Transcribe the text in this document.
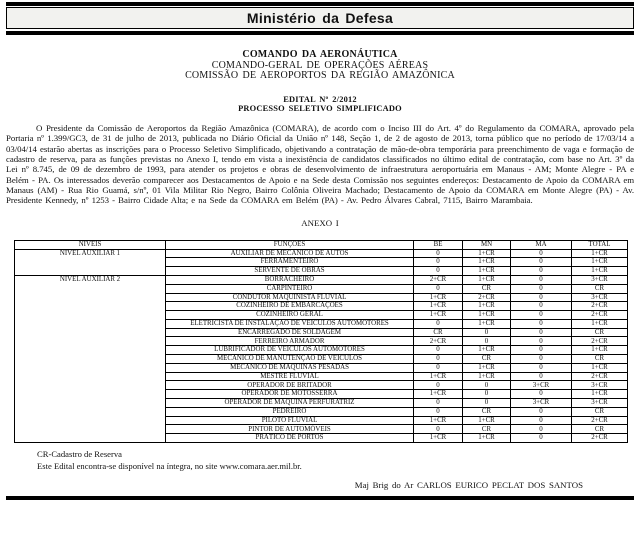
Ministério da Defesa
COMANDO DA AERONÁUTICA
COMANDO-GERAL DE OPERAÇÕES AÉREAS
COMISSÃO DE AEROPORTOS DA REGIÃO AMAZÔNICA
EDITAL Nº 2/2012
PROCESSO SELETIVO SIMPLIFICADO

O Presidente da Comissão de Aeroportos da Região Amazônica (COMARA), de acordo com o Inciso III do Art. 4º do Regulamento da COMARA, aprovado pela Portaria nº 1.399/GC3, de 31 de julho de 2013, publicada no Diário Oficial da União nº 148, Seção 1, de 2 de agosto de 2013, torna público que no período de 17/03/14 a 03/04/14 estarão abertas as inscrições para o Processo Seletivo Simplificado, objetivando a contratação de mão-de-obra temporária para preenchimento de vaga e formação de cadastro de reserva, para as funções previstas no Anexo I, tendo em vista a inexistência de candidatos classificados no último edital de contratação, com base no Art. 3º da Lei nº 8.745, de 09 de dezembro de 1993, para atender os projetos e obras de desenvolvimento de infraestrutura aeroportuária em Manaus - AM; Monte Alegre - PA e Belém - PA. Os interessados deverão comparecer aos Destacamentos de Apoio e na Sede desta Comissão nos seguintes endereços: Destacamento de Apoio da COMARA em Manaus (AM) - Rua Rio Guamá, s/nº, 01 Vila Militar Rio Negro, Bairro Colônia Oliveira Machado; Destacamento de Apoio da COMARA em Monte Alegre (PA) - Av. Presidente Kennedy, nº 1253 - Bairro Cidade Alta; e na Sede da COMARA em Belém (PA) - Av. Pedro Álvares Cabral, 7115, Bairro Marambaia.

ANEXO I
NÍVEIS	FUNÇÕES	BE	MN	MA	TOTAL
NÍVEL AUXILIAR 1	AUXILIAR DE MECÂNICO DE AUTOS	0	1+CR	0	1+CR
	FERRAMENTEIRO	0	1+CR	0	1+CR
	SERVENTE DE OBRAS	0	1+CR	0	1+CR
NÍVEL AUXILIAR 2	BORRACHEIRO	2+CR	1+CR	0	3+CR
	CARPINTEIRO	0	CR	0	CR
	CONDUTOR MAQUINISTA FLUVIAL	1+CR	2+CR	0	3+CR
	COZINHEIRO DE EMBARCAÇÕES	1+CR	1+CR	0	2+CR
	COZINHEIRO GERAL	1+CR	1+CR	0	2+CR
	ELETRICISTA DE INSTALAÇÃO DE VEÍCULOS AUTOMOTORES	0	1+CR	0	1+CR
	ENCARREGADO DE SOLDAGEM	CR	0	0	CR
	FERREIRO ARMADOR	2+CR	0	0	2+CR
	LUBRIFICADOR DE VEÍCULOS AUTOMOTORES	0	1+CR	0	1+CR
	MECÂNICO DE MANUTENÇÃO DE VEÍCULOS	0	CR	0	CR
	MECÂNICO DE MÁQUINAS PESADAS	0	1+CR	0	1+CR
	MESTRE FLUVIAL	1+CR	1+CR	0	2+CR
	OPERADOR DE BRITADOR	0	0	3+CR	3+CR
	OPERADOR DE MOTOSSERRA	1+CR	0	0	1+CR
	OPERADOR DE MÁQUINA PERFURATRIZ	0	0	3+CR	3+CR
	PEDREIRO	0	CR	0	CR
	PILOTO FLUVIAL	1+CR	1+CR	0	2+CR
	PINTOR DE AUTOMÓVEIS	0	CR	0	CR
	PRÁTICO DE PORTOS	1+CR	1+CR	0	2+CR
CR-Cadastro de Reserva
Este Edital encontra-se disponível na íntegra, no site www.comara.aer.mil.br.
Maj Brig do Ar CARLOS EURICO PECLAT DOS SANTOS
